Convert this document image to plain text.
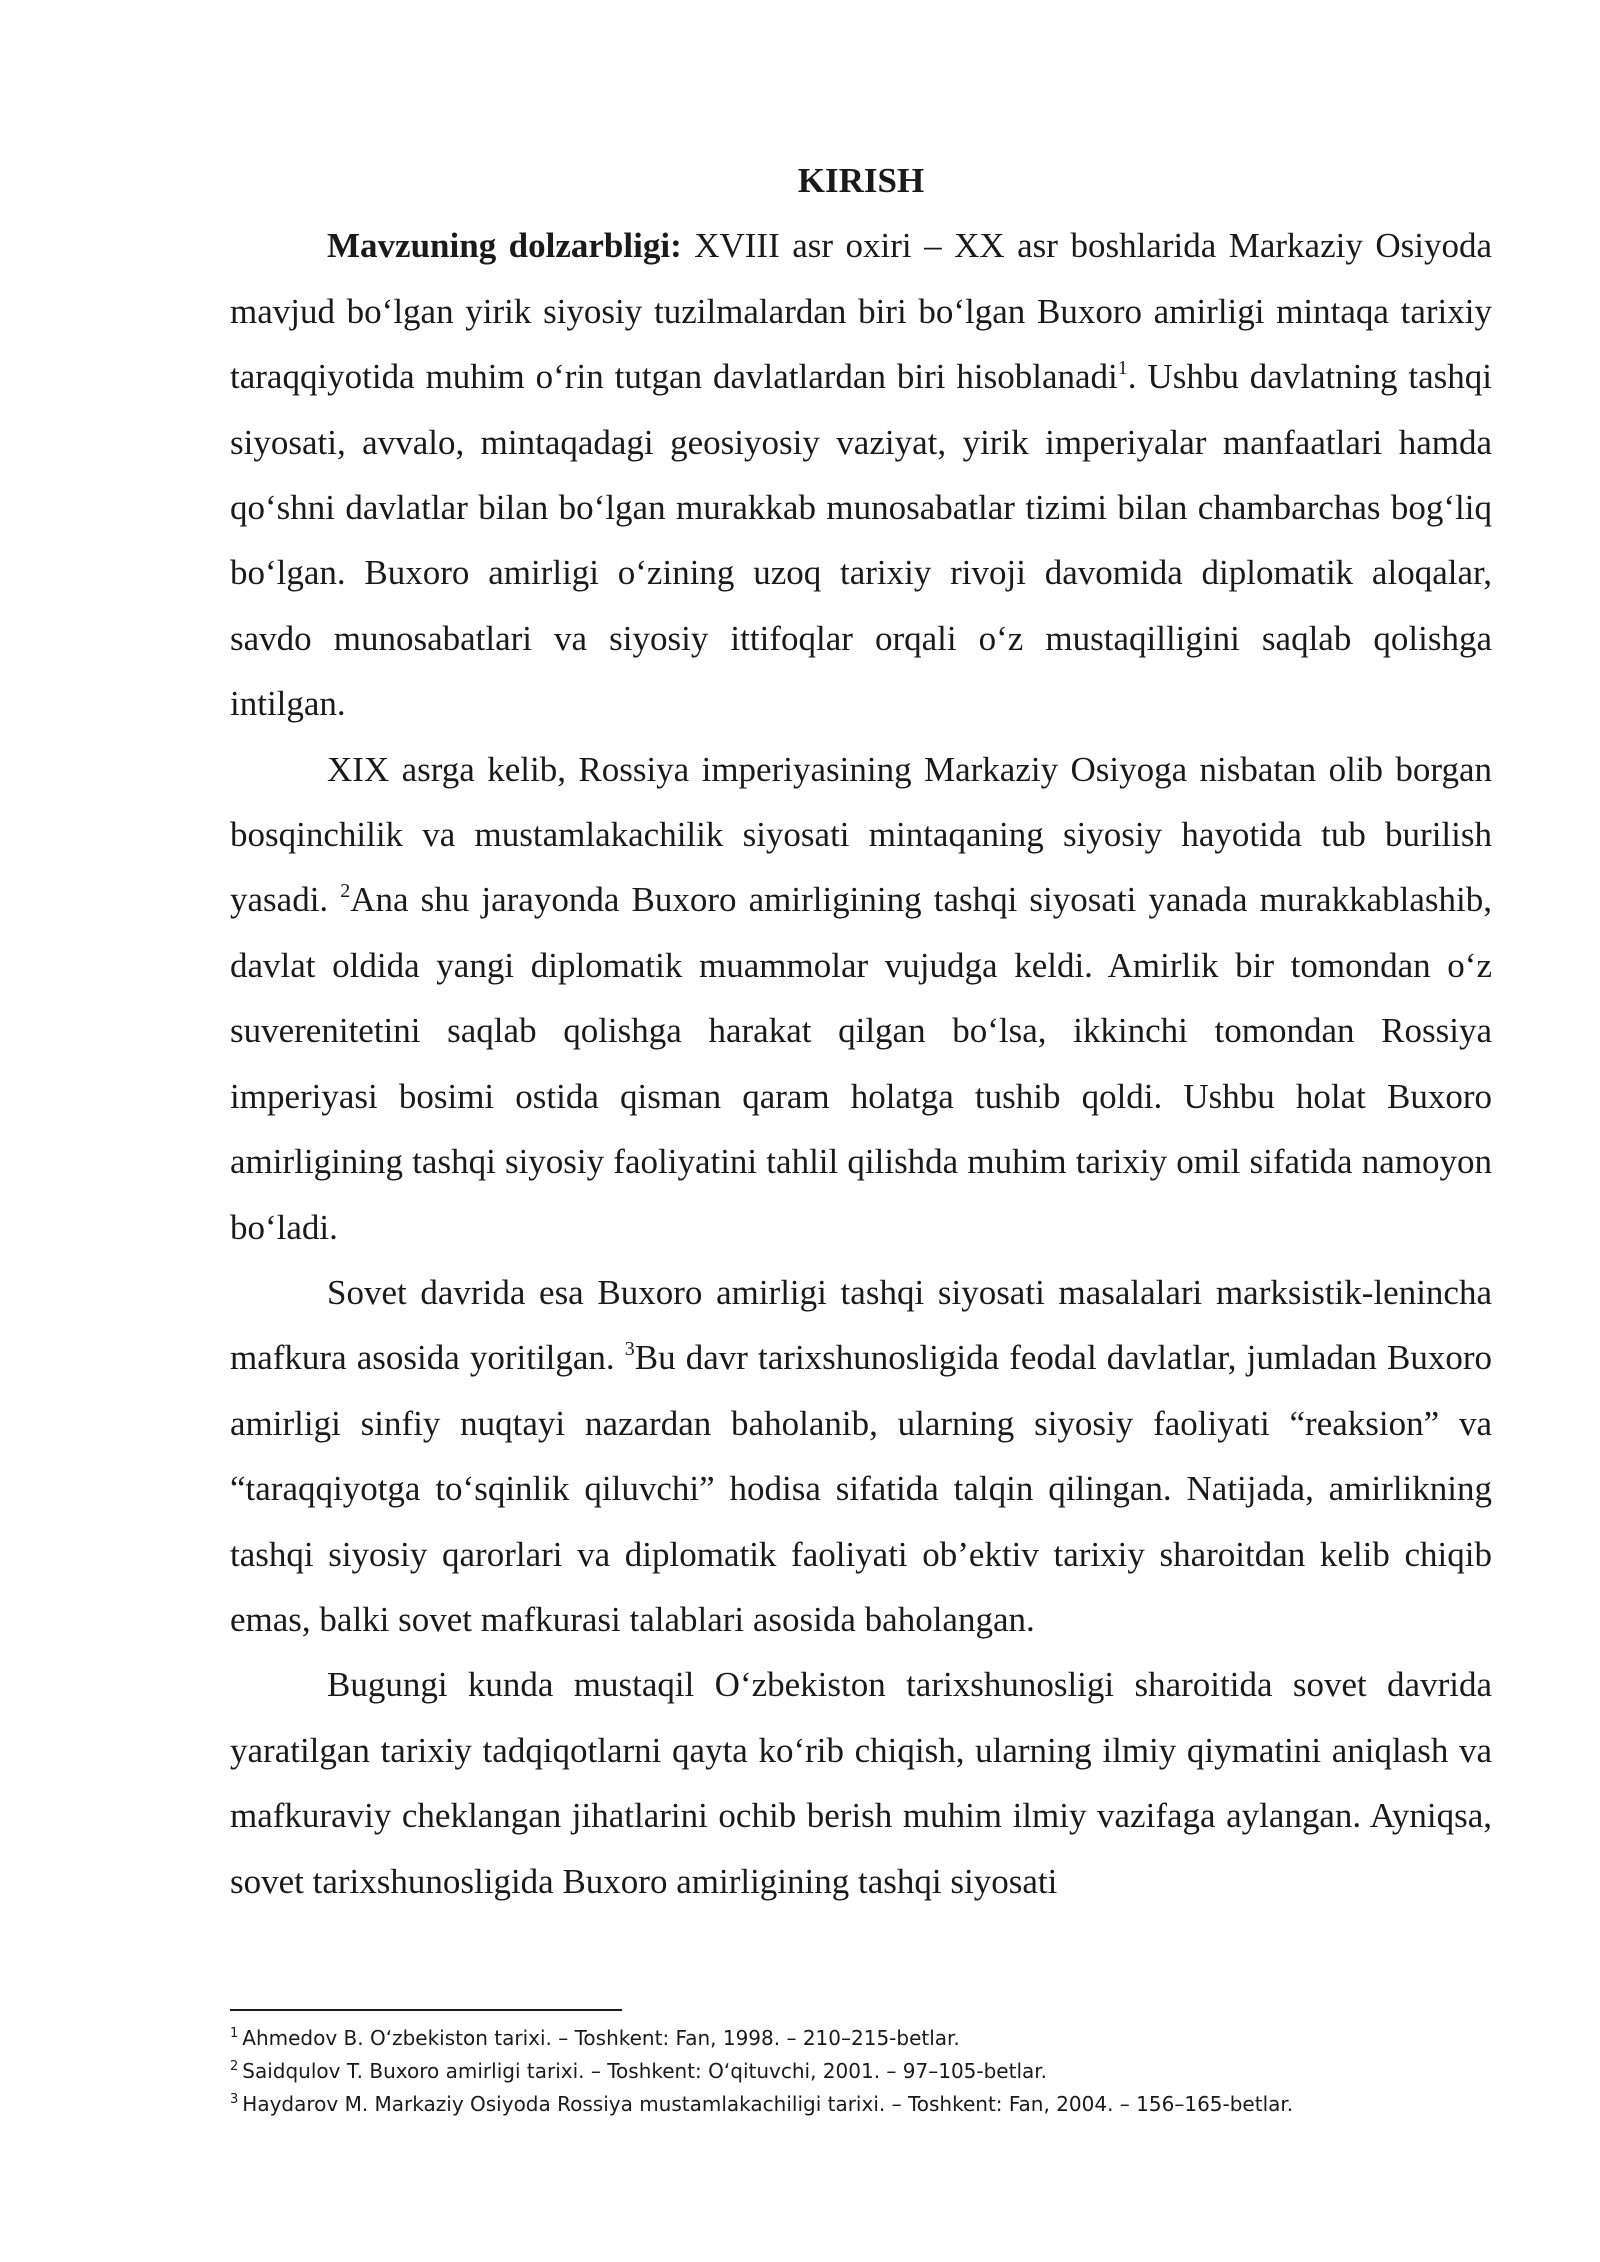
KIRISH

Mavzuning dolzarbligi: XVIII asr oxiri – XX asr boshlarida Markaziy Osiyoda mavjud boʻlgan yirik siyosiy tuzilmalardan biri boʻlgan Buxoro amirligi mintaqa tarixiy taraqqiyotida muhim oʻrin tutgan davlatlardan biri hisoblanadi$^1$. Ushbu davlatning tashqi siyosati, avvalo, mintaqadagi geosiyosiy vaziyat, yirik imperiyalar manfaatlari hamda qoʻshni davlatlar bilan boʻlgan murakkab munosabatlar tizimi bilan chambarchas bogʻliq boʻlgan. Buxoro amirligi oʻzining uzoq tarixiy rivoji davomida diplomatik aloqalar, savdo munosabatlari va siyosiy ittifoqlar orqali oʻz mustaqilligini saqlab qolishga intilgan.

XIX asrga kelib, Rossiya imperiyasining Markaziy Osiyoga nisbatan olib borgan bosqinchilik va mustamlakachilik siyosati mintaqaning siyosiy hayotida tub burilish yasadi. $^2$Ana shu jarayonda Buxoro amirligining tashqi siyosati yanada murakkablashib, davlat oldida yangi diplomatik muammolar vujudga keldi. Amirlik bir tomondan oʻz suverenitetini saqlab qolishga harakat qilgan boʻlsa, ikkinchi tomondan Rossiya imperiyasi bosimi ostida qisman qaram holatga tushib qoldi. Ushbu holat Buxoro amirligining tashqi siyosiy faoliyatini tahlil qilishda muhim tarixiy omil sifatida namoyon boʻladi.

Sovet davrida esa Buxoro amirligi tashqi siyosati masalalari marksistik-lenincha mafkura asosida yoritilgan. $^3$Bu davr tarixshunosligida feodal davlatlar, jumladan Buxoro amirligi sinfiy nuqtayi nazardan baholanib, ularning siyosiy faoliyati “reaksion” va “taraqqiyotga toʻsqinlik qiluvchi” hodisa sifatida talqin qilingan. Natijada, amirlikning tashqi siyosiy qarorlari va diplomatik faoliyati ob’ektiv tarixiy sharoitdan kelib chiqib emas, balki sovet mafkurasi talablari asosida baholangan.

Bugungi kunda mustaqil Oʻzbekiston tarixshunosligi sharoitida sovet davrida yaratilgan tarixiy tadqiqotlarni qayta koʻrib chiqish, ularning ilmiy qiymatini aniqlash va mafkuraviy cheklangan jihatlarini ochib berish muhim ilmiy vazifaga aylangan. Ayniqsa, sovet tarixshunosligida Buxoro amirligining tashqi siyosati

$^1$ Ahmedov B. Oʻzbekiston tarixi. – Toshkent: Fan, 1998. – 210–215-betlar.

$^2$ Saidqulov T. Buxoro amirligi tarixi. – Toshkent: Oʻqituvchi, 2001. – 97–105-betlar.

$^3$ Haydarov M. Markaziy Osiyoda Rossiya mustamlakachiligi tarixi. – Toshkent: Fan, 2004. – 156–165-betlar.
